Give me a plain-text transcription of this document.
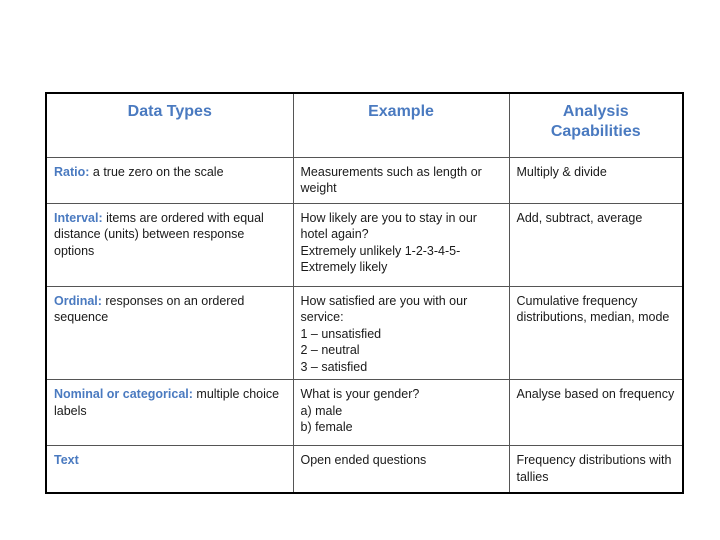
Data Types	Example	Analysis Capabilities
Ratio: a true zero on the scale	Measurements such as length or weight	Multiply & divide
Interval: items are ordered with equal distance (units) between response options	How likely are you to stay in our hotel again?
Extremely unlikely 1-2-3-4-5-Extremely likely	Add, subtract, average
Ordinal: responses on an ordered sequence	How satisfied are you with our service:
1 – unsatisfied
2 – neutral
3 – satisfied	Cumulative frequency distributions, median, mode
Nominal or categorical: multiple choice labels	What is your gender?
a) male
b) female	Analyse based on frequency
Text	Open ended questions	Frequency distributions with tallies
